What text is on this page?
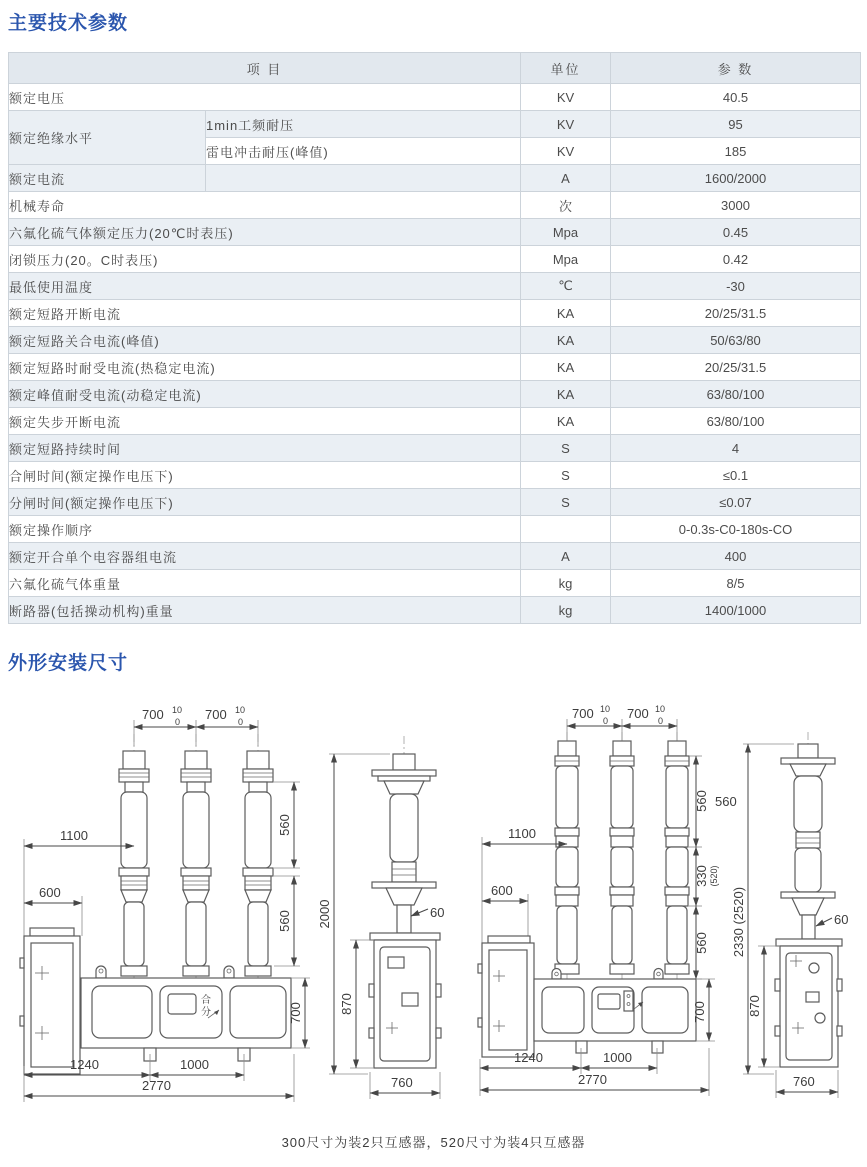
主要技术参数
项 目		单位	参 数
额定电压		KV	40.5
额定绝缘水平	1min工频耐压	KV	95
	雷电冲击耐压(峰值)	KV	185
额定电流		A	1600/2000
机械寿命		次	3000
六氟化硫气体额定压力(20℃时表压)		Mpa	0.45
闭锁压力(20。C时表压)		Mpa	0.42
最低使用温度		℃	-30
额定短路开断电流		KA	20/25/31.5
额定短路关合电流(峰值)		KA	50/63/80
额定短路时耐受电流(热稳定电流)		KA	20/25/31.5
额定峰值耐受电流(动稳定电流)		KA	63/80/100
额定失步开断电流		KA	63/80/100
额定短路持续时间		S	4
合闸时间(额定操作电压下)		S	≤0.1
分闸时间(额定操作电压下)		S	≤0.07
额定操作顺序			0-0.3s-C0-180s-CO
额定开合单个电容器组电流		A	400
六氟化硫气体重量		kg	8/5
断路器(包括操动机构)重量		kg	1400/1000
外形安装尺寸
700 10 0 700 10 0
560
560
1100
600
合
分	700
1240	1000
2770
2000	60
870
760
700 10 0 700 10 0
560 560
330 (520)
560
1100
600
700
1240	1000
2770
2330 (2520)	60
870
760
300尺寸为装2只互感器，520尺寸为装4只互感器
